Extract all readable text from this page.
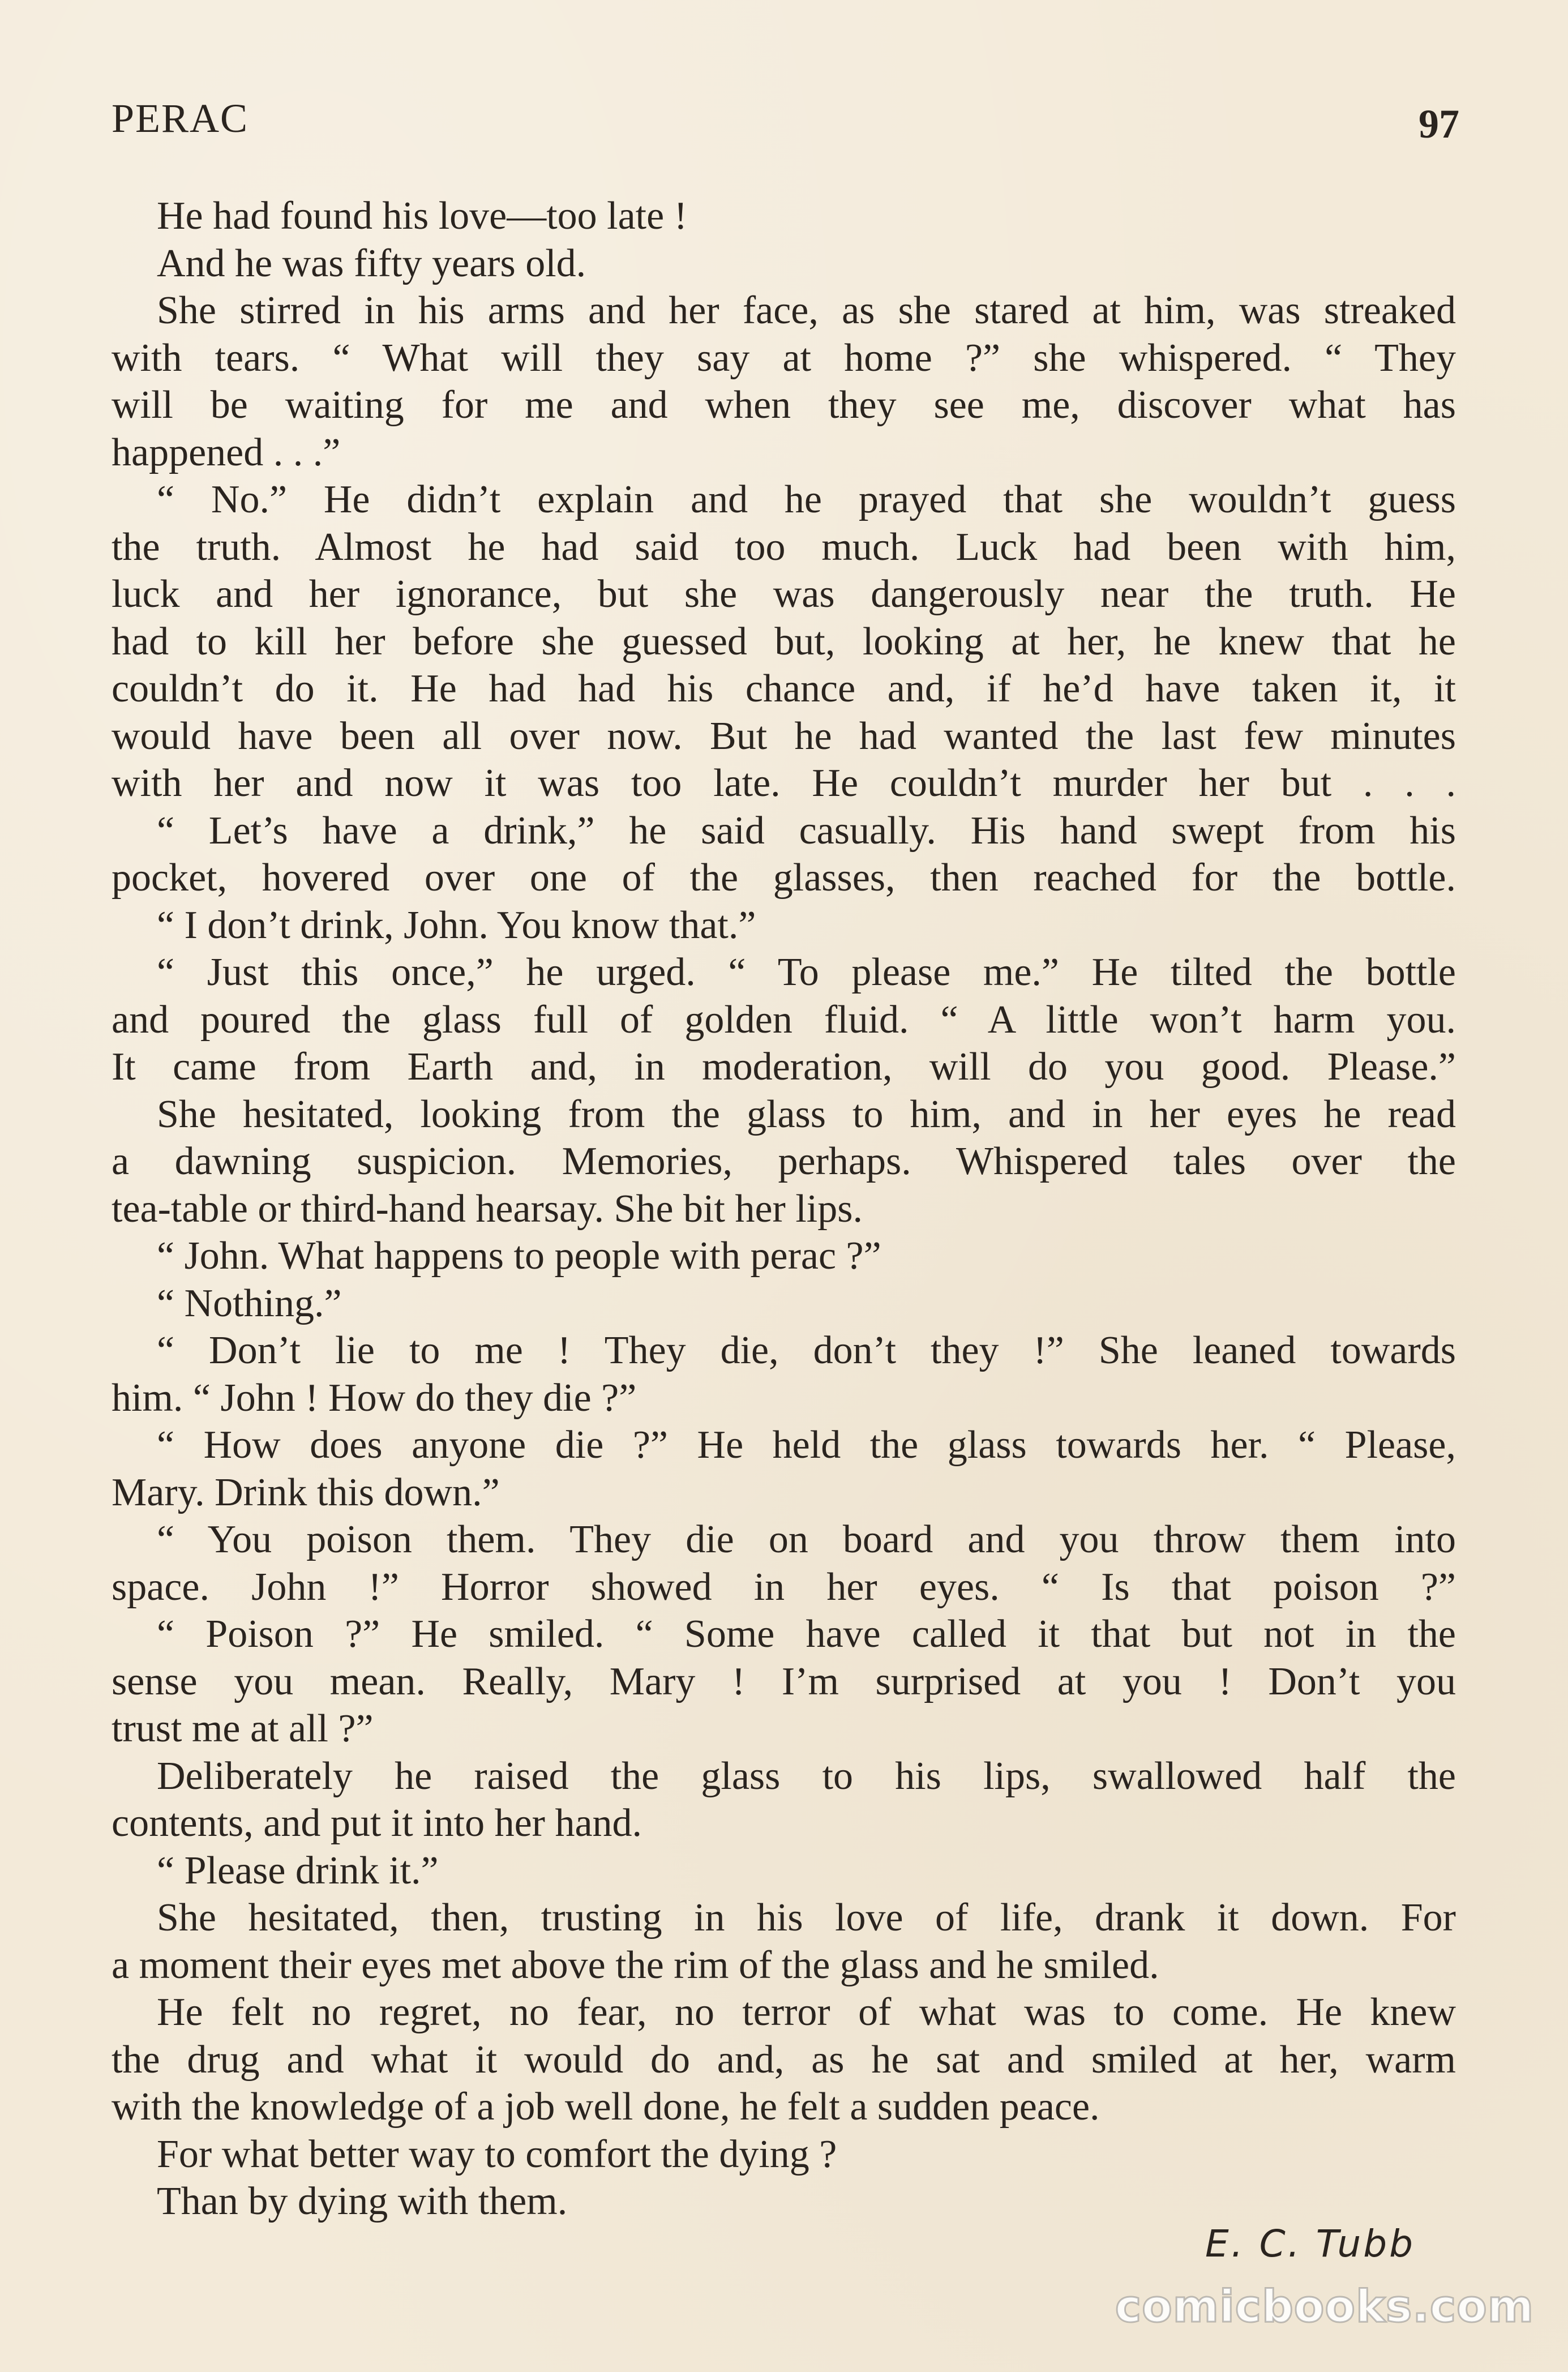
PERAC	97
He had found his love—too late !
And he was fifty years old.
She stirred in his arms and her face, as she stared at him, was streaked
with tears. “ What will they say at home ?” she whispered. “ They
will be waiting for me and when they see me, discover what has
happened . . .”
“ No.” He didn’t explain and he prayed that she wouldn’t guess
the truth. Almost he had said too much. Luck had been with him,
luck and her ignorance, but she was dangerously near the truth. He
had to kill her before she guessed but, looking at her, he knew that he
couldn’t do it. He had had his chance and, if he’d have taken it, it
would have been all over now. But he had wanted the last few minutes
with her and now it was too late. He couldn’t murder her but . . .
“ Let’s have a drink,” he said casually. His hand swept from his
pocket, hovered over one of the glasses, then reached for the bottle.
“ I don’t drink, John. You know that.”
“ Just this once,” he urged. “ To please me.” He tilted the bottle
and poured the glass full of golden fluid. “ A little won’t harm you.
It came from Earth and, in moderation, will do you good. Please.”
She hesitated, looking from the glass to him, and in her eyes he read
a dawning suspicion. Memories, perhaps. Whispered tales over the
tea-table or third-hand hearsay. She bit her lips.
“ John. What happens to people with perac ?”
“ Nothing.”
“ Don’t lie to me ! They die, don’t they !” She leaned towards
him. “ John ! How do they die ?”
“ How does anyone die ?” He held the glass towards her. “ Please,
Mary. Drink this down.”
“ You poison them. They die on board and you throw them into
space. John !” Horror showed in her eyes. “ Is that poison ?”
“ Poison ?” He smiled. “ Some have called it that but not in the
sense you mean. Really, Mary ! I’m surprised at you ! Don’t you
trust me at all ?”
Deliberately he raised the glass to his lips, swallowed half the
contents, and put it into her hand.
“ Please drink it.”
She hesitated, then, trusting in his love of life, drank it down. For
a moment their eyes met above the rim of the glass and he smiled.
He felt no regret, no fear, no terror of what was to come. He knew
the drug and what it would do and, as he sat and smiled at her, warm
with the knowledge of a job well done, he felt a sudden peace.
For what better way to comfort the dying ?
Than by dying with them.
E. C. Tubb
comicbooks.com
